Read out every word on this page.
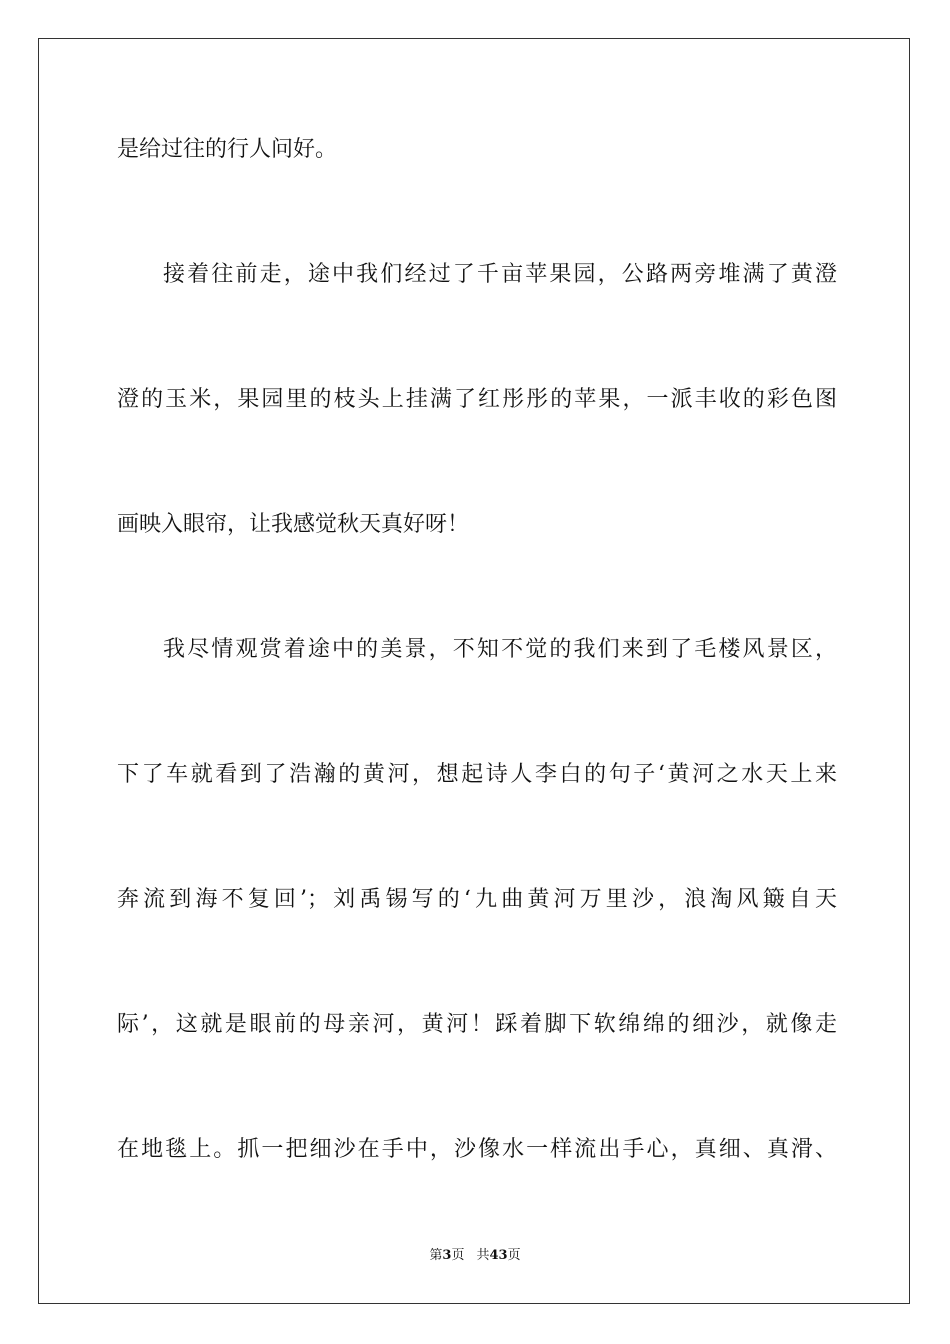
是给过往的行人问好。
接着往前走，途中我们经过了千亩苹果园，公路两旁堆满了黄澄
澄的玉米，果园里的枝头上挂满了红彤彤的苹果，一派丰收的彩色图
画映入眼帘，让我感觉秋天真好呀！
我尽情观赏着途中的美景，不知不觉的我们来到了毛楼风景区，
下了车就看到了浩瀚的黄河，想起诗人李白的句子‘黄河之水天上来
奔流到海不复回’；刘禹锡写的‘九曲黄河万里沙，浪淘风簸自天
际’，这就是眼前的母亲河，黄河！踩着脚下软绵绵的细沙，就像走
在地毯上。抓一把细沙在手中，沙像水一样流出手心，真细、真滑、
第3页 共43页
